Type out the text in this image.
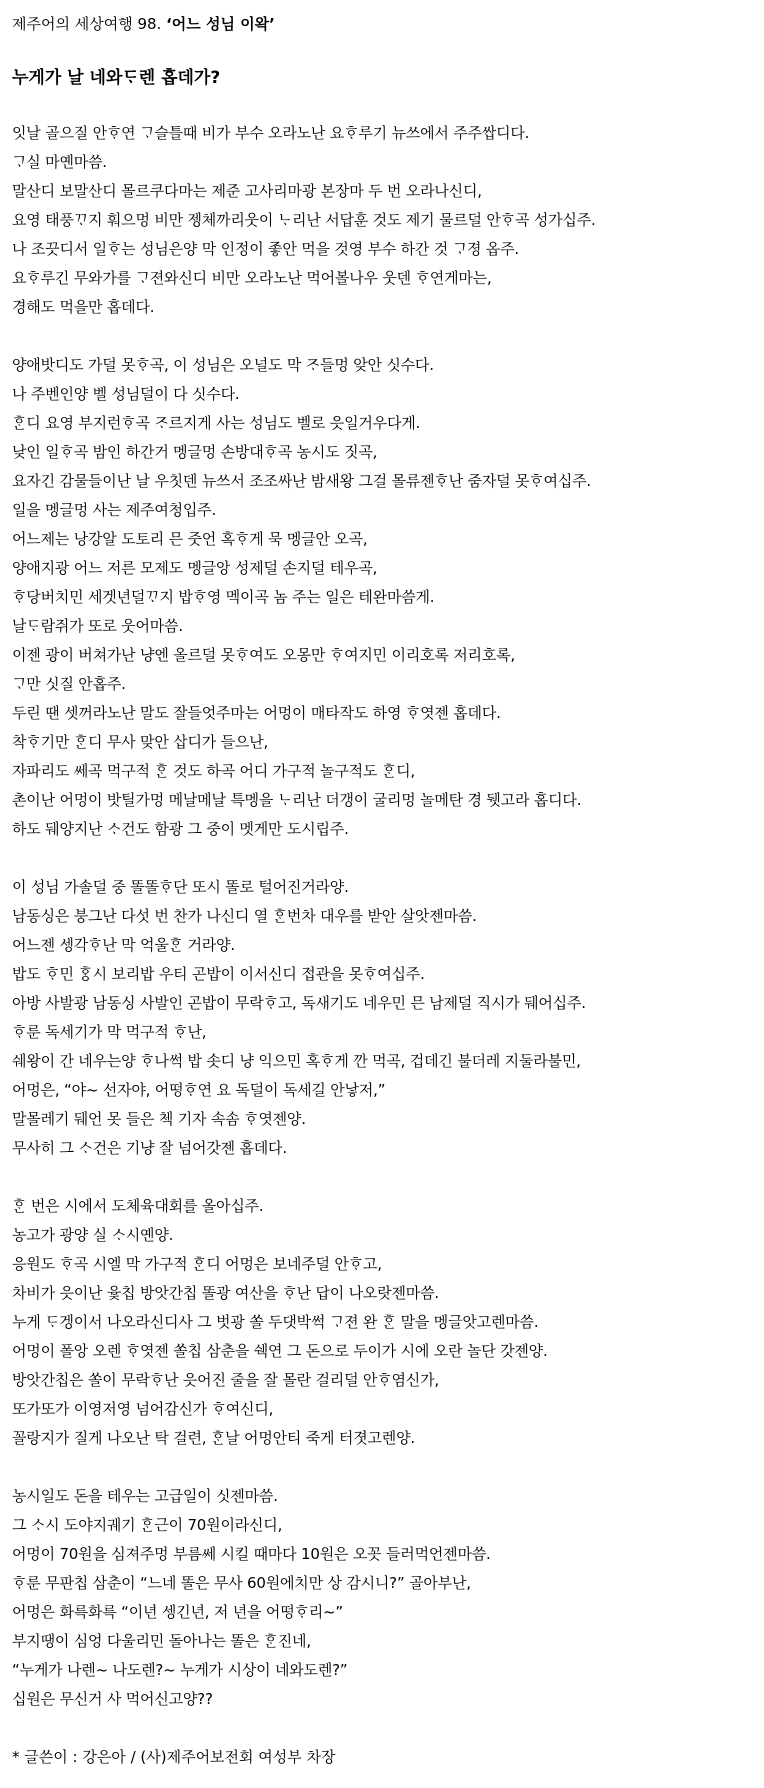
제주어의 세상여행 98. ‘어느 성님 이왁’
누게가 날 네와ᄃᆞ렌 홉데가?
잇날 골으질 안ᄒᆞ연 ᄀᆞ슬틀때 비가 부수 오라노난 요ᄒᆞ루기 뉴쓰에서 주주쌉디다.
ᄀᆞ실 마옌마씀.
말산디 보말산디 몰르쿠다마는 제준 고사리마광 본장마 두 번 오라나신디,
요영 태풍ᄁᆞ지 훠으멍 비만 젱체까리웃이 ᄂᆞ리난 서답훈 것도 제기 물르덜 안ᄒᆞ곡 성가십주.
나 조끗디서 일ᄒᆞ는 성님은양 막 인정이 좋안 먹을 것영 부수 하간 것 ᄀᆞ졍 옵주.
요ᄒᆞ루긴 무와가를 ᄀᆞ젼와신디 비만 오라노난 먹어볼나우 웃덴 ᄒᆞ연게마는,
경해도 먹을만 홉데다.
양애밧디도 가덜 못ᄒᆞ곡, 이 성님은 오널도 막 ᄌᆞ들멍 앚안 싯수다.
나 주벤인양 벨 성님덜이 다 싯수다.
ᄒᆞᆫ디 요영 부지런ᄒᆞ곡 ᄌᆞ르지게 사는 성님도 벨로 읏일거우다게.
낮인 일ᄒᆞ곡 밤인 하간거 멩글멍 손방대ᄒᆞ곡 농시도 짓곡,
요자긴 감물들이난 날 우칫덴 뉴쓰서 조조싸난 밤새왕 그걸 몰류젠ᄒᆞ난 줌자덜 못ᄒᆞ여십주.
일을 멩글멍 사는 제주여청입주.
어느제는 낭강알 도토리 믄 줏언 혹ᄒᆞ게 묵 멩글안 오곡,
양애지광 어느 저른 모제도 멩글앙 성제덜 손지덜 테우곡,
ᄒᆞ당버치민 세겟년덜ᄁᆞ지 밥ᄒᆞ영 멕이곡 놈 주는 일은 테완마씀게.
날ᄃᆞ람쥐가 또로 웃어마씀.
이젠 광이 버쳐가난 냥엔 올르덜 못ᄒᆞ여도 오몽만 ᄒᆞ여지민 이리호록 저리호록,
ᄀᆞ만 싯질 안홉주.
두린 땐 셋꺼라노난 말도 잘들엇주마는 어멍이 매타작도 하영 ᄒᆞ엿젠 홉데다.
착ᄒᆞ기만 ᄒᆞᆫ디 무사 맞안 삽디가 들으난,
자파리도 쎄곡 먹구적 ᄒᆞᆫ 것도 하곡 어디 가구적 놀구적도 ᄒᆞᆫ디,
촌이난 어멍이 밧틸가멍 메날메날 특멩을 ᄂᆞ리난 더갱이 굴리멍 놀메탄 경 뒛고라 홉디다.
하도 뒈양지난 ᄉᆞ건도 함광 그 중이 멧게만 도시립주.
이 성님 가솔덜 중 똘똘ᄒᆞ단 또시 똘로 털어진거라양.
남동싱은 붕그난 다섯 번 찬가 나신디 열 ᄒᆞᆫ번차 대우를 받안 살앗젠마씀.
어느젠 셍각ᄒᆞ난 막 억울ᄒᆞᆫ 거라양.
밥도 ᄒᆞ민 ᄒᆞᆼ시 보리밥 우티 곤밥이 이서신디 접관을 못ᄒᆞ여십주.
아방 사발광 남동싱 사발인 곤밥이 무락ᄒᆞ고, 독새기도 네우민 믄 남제덜 직시가 뒈어십주.
ᄒᆞ룬 독세기가 막 먹구적 ᄒᆞ난,
쉐왕이 간 네우는양 ᄒᆞ나썩 밥 솟디 냥 익으민 혹ᄒᆞ게 깐 먹곡, 겁데긴 불더레 지둘라불민,
어멍은, “야~ 선자야, 어떵ᄒᆞ연 요 독덜이 독세길 안낳저,”
말몰레기 뒈언 못 들은 첵 기자 속솜 ᄒᆞ엿젠양.
무사히 그 ᄉᆞ건은 기냥 잘 넘어갓젠 홉데다.
ᄒᆞᆫ 번은 시에서 도체육대회를 올아십주.
농고가 광양 실 ᄉᆞ시옌양.
응원도 ᄒᆞ곡 시엘 막 가구적 ᄒᆞᆫ디 어멍은 보네주덜 안ᄒᆞ고,
차비가 읏이난 윷칩 방앗간칩 똘광 여산을 ᄒᆞ난 답이 나오랏젠마씀.
누게 ᄃᆞ겡이서 나오라신디사 그 벗광 쏠 두댓박썩 ᄀᆞ젼 완 ᄒᆞᆫ 말을 멩글앗고렌마씀.
어멍이 폴앙 오렌 ᄒᆞ엿젠 쏠칩 삼춘을 쉑연 그 돈으로 두이가 시에 오란 놀단 갓젠양.
방앗간칩은 쏠이 무락ᄒᆞ난 읏어진 줄을 잘 몰란 걸리덜 안ᄒᆞ염신가,
또가또가 이영저영 넘어감신가 ᄒᆞ여신디,
꼴랑지가 질게 나오난 탁 걸련, ᄒᆞᆫ날 어멍안티 죽게 터졋고렌양.
농시일도 돈을 테우는 고급일이 싯젠마씀.
그 ᄉᆞ시 도야지궤기 ᄒᆞᆫ근이 70원이라신디,
어멍이 70원을 심져주멍 부름쎄 시킬 때마다 10원은 오꼿 들러먹언젠마씀.
ᄒᆞ룬 무판칩 삼춘이 “느네 똘은 무사 60원에치만 상 감시니?” 골아부난,
어멍은 화륵화륵 “이년 셍긴년, 저 년을 어떵ᄒᆞ리~”
부지땡이 심엉 다울리민 돌아나는 똘은 ᄒᆞᆫ진네,
“누게가 나렌~ 나도렌?~ 누게가 시상이 네와도렌?”
십원은 무신거 사 먹어신고양??
* 글쓴이 : 강은아 / (사)제주어보전회 여성부 차장
